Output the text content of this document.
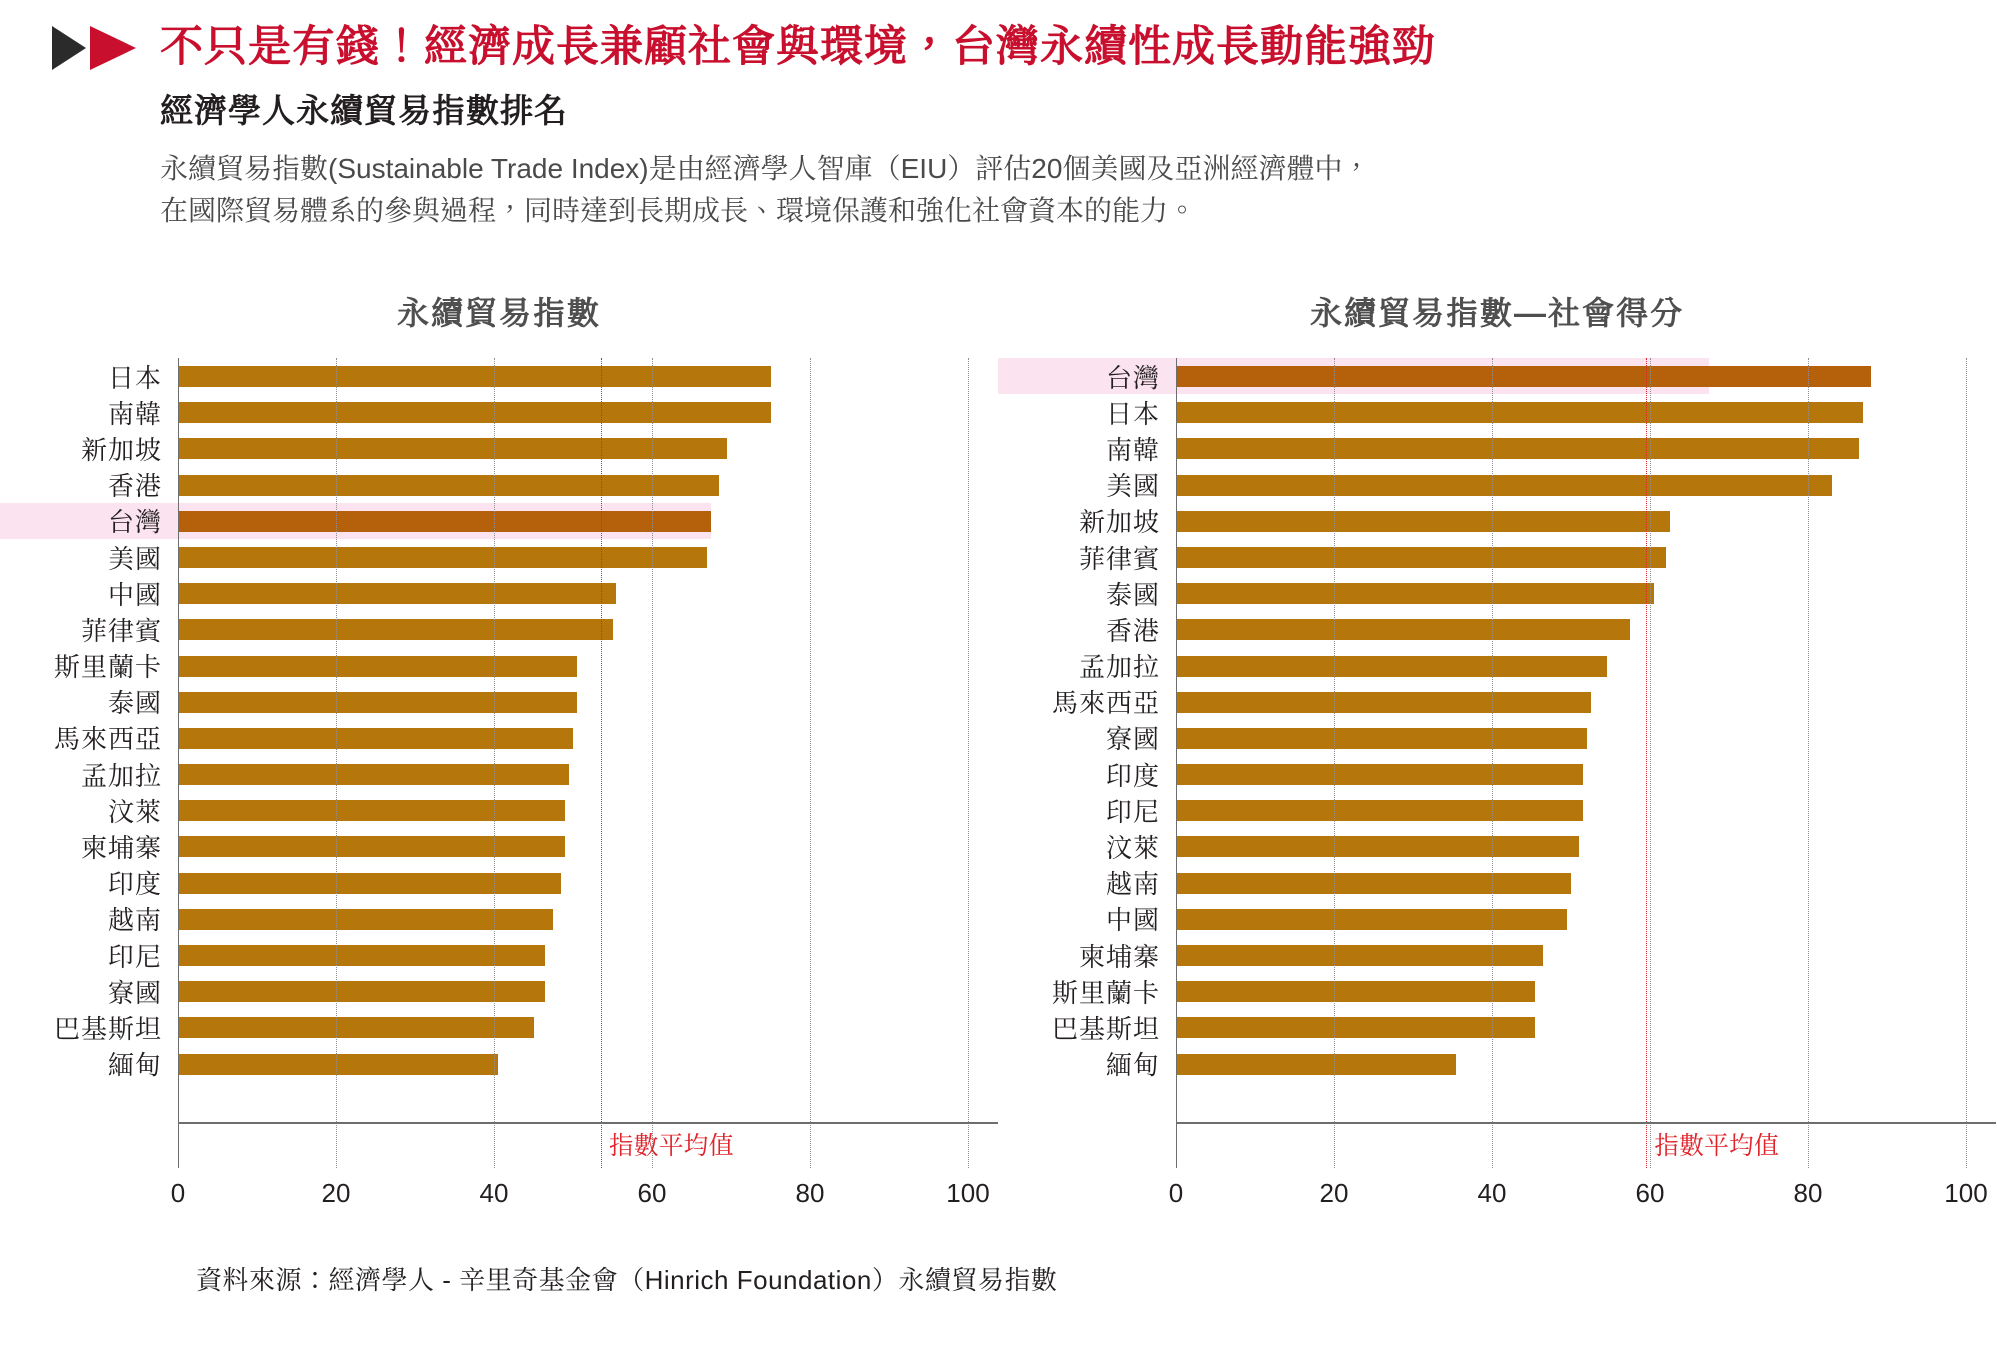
不只是有錢！經濟成長兼顧社會與環境，台灣永續性成長動能強勁
經濟學人永續貿易指數排名
永續貿易指數(Sustainable Trade Index)是由經濟學人智庫（EIU）評估20個美國及亞洲經濟體中，
在國際貿易體系的參與過程，同時達到長期成長、環境保護和強化社會資本的能力。
永續貿易指數
日本
南韓
新加坡
香港
台灣
美國
中國
菲律賓
斯里蘭卡
泰國
馬來西亞
孟加拉
汶萊
柬埔寨
印度
越南
印尼
寮國
巴基斯坦
緬甸
指數平均值
0	20	40	60	80	100
永續貿易指數—社會得分
台灣
日本
南韓
美國
新加坡
菲律賓
泰國
香港
孟加拉
馬來西亞
寮國
印度
印尼
汶萊
越南
中國
柬埔寨
斯里蘭卡
巴基斯坦
緬甸
指數平均值
0	20	40	60	80	100
資料來源：經濟學人 - 辛里奇基金會（Hinrich Foundation）永續貿易指數
